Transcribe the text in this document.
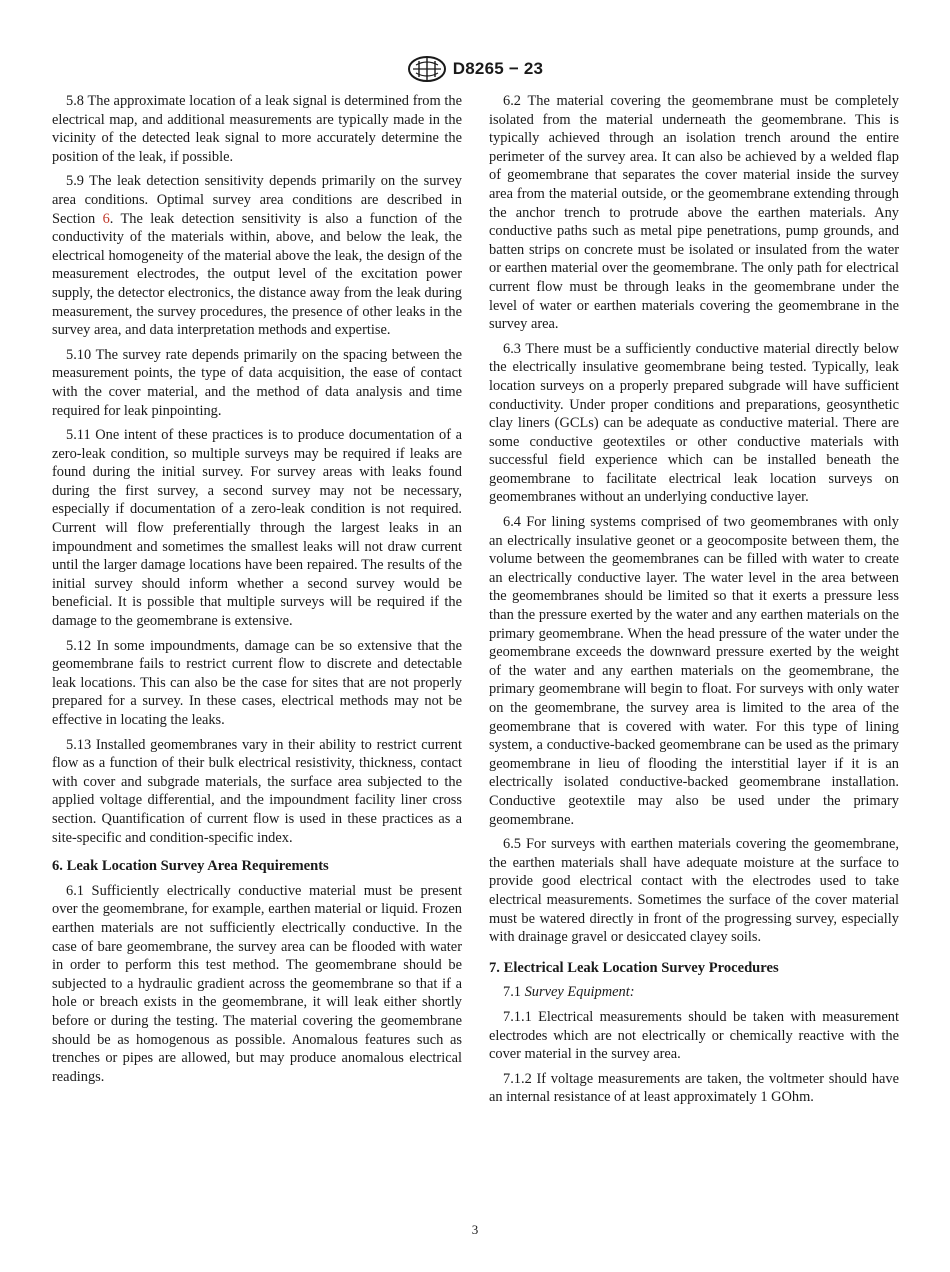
D8265 − 23

5.8 The approximate location of a leak signal is determined from the electrical map, and additional measurements are typically made in the vicinity of the detected leak signal to more accurately determine the position of the leak, if possible.

5.9 The leak detection sensitivity depends primarily on the survey area conditions. Optimal survey area conditions are described in Section 6. The leak detection sensitivity is also a function of the conductivity of the materials within, above, and below the leak, the electrical homogeneity of the material above the leak, the design of the measurement electrodes, the output level of the excitation power supply, the detector electronics, the distance away from the leak during measurement, the survey procedures, the presence of other leaks in the survey area, and data interpretation methods and expertise.

5.10 The survey rate depends primarily on the spacing between the measurement points, the type of data acquisition, the ease of contact with the cover material, and the method of data analysis and time required for leak pinpointing.

5.11 One intent of these practices is to produce documentation of a zero-leak condition, so multiple surveys may be required if leaks are found during the initial survey. For survey areas with leaks found during the first survey, a second survey may not be necessary, especially if documentation of a zero-leak condition is not required. Current will flow preferentially through the largest leaks in an impoundment and sometimes the smallest leaks will not draw current until the larger damage locations have been repaired. The results of the initial survey should inform whether a second survey would be beneficial. It is possible that multiple surveys will be required if the damage to the geomembrane is extensive.

5.12 In some impoundments, damage can be so extensive that the geomembrane fails to restrict current flow to discrete and detectable leak locations. This can also be the case for sites that are not properly prepared for a survey. In these cases, electrical methods may not be effective in locating the leaks.

5.13 Installed geomembranes vary in their ability to restrict current flow as a function of their bulk electrical resistivity, thickness, contact with cover and subgrade materials, the surface area subjected to the applied voltage differential, and the impoundment facility liner cross section. Quantification of current flow is used in these practices as a site-specific and condition-specific index.

6. Leak Location Survey Area Requirements

6.1 Sufficiently electrically conductive material must be present over the geomembrane, for example, earthen material or liquid. Frozen earthen materials are not sufficiently electrically conductive. In the case of bare geomembrane, the survey area can be flooded with water in order to perform this test method. The geomembrane should be subjected to a hydraulic gradient across the geomembrane so that if a hole or breach exists in the geomembrane, it will leak either shortly before or during the testing. The material covering the geomembrane should be as homogenous as possible. Anomalous features such as trenches or pipes are allowed, but may produce anomalous electrical readings.

6.2 The material covering the geomembrane must be completely isolated from the material underneath the geomembrane. This is typically achieved through an isolation trench around the entire perimeter of the survey area. It can also be achieved by a welded flap of geomembrane that separates the cover material inside the survey area from the material outside, or the geomembrane extending through the anchor trench to protrude above the earthen materials. Any conductive paths such as metal pipe penetrations, pump grounds, and batten strips on concrete must be isolated or insulated from the water or earthen material over the geomembrane. The only path for electrical current flow must be through leaks in the geomembrane under the level of water or earthen materials covering the geomembrane in the survey area.

6.3 There must be a sufficiently conductive material directly below the electrically insulative geomembrane being tested. Typically, leak location surveys on a properly prepared subgrade will have sufficient conductivity. Under proper conditions and preparations, geosynthetic clay liners (GCLs) can be adequate as conductive material. There are some conductive geotextiles or other conductive materials with successful field experience which can be installed beneath the geomembrane to facilitate electrical leak location surveys on geomembranes without an underlying conductive layer.

6.4 For lining systems comprised of two geomembranes with only an electrically insulative geonet or a geocomposite between them, the volume between the geomembranes can be filled with water to create an electrically conductive layer. The water level in the area between the geomembranes should be limited so that it exerts a pressure less than the pressure exerted by the water and any earthen materials on the primary geomembrane. When the head pressure of the water under the geomembrane exceeds the downward pressure exerted by the weight of the water and any earthen materials on the geomembrane, the primary geomembrane will begin to float. For surveys with only water on the geomembrane, the survey area is limited to the area of the geomembrane that is covered with water. For this type of lining system, a conductive-backed geomembrane can be used as the primary geomembrane in lieu of flooding the interstitial layer if it is an electrically isolated conductive-backed geomembrane installation. Conductive geotextile may also be used under the primary geomembrane.

6.5 For surveys with earthen materials covering the geomembrane, the earthen materials shall have adequate moisture at the surface to provide good electrical contact with the electrodes used to take electrical measurements. Sometimes the surface of the cover material must be watered directly in front of the progressing survey, especially with drainage gravel or desiccated clayey soils.

7. Electrical Leak Location Survey Procedures

7.1 Survey Equipment:

7.1.1 Electrical measurements should be taken with measurement electrodes which are not electrically or chemically reactive with the cover material in the survey area.

7.1.2 If voltage measurements are taken, the voltmeter should have an internal resistance of at least approximately 1 GOhm.

3
